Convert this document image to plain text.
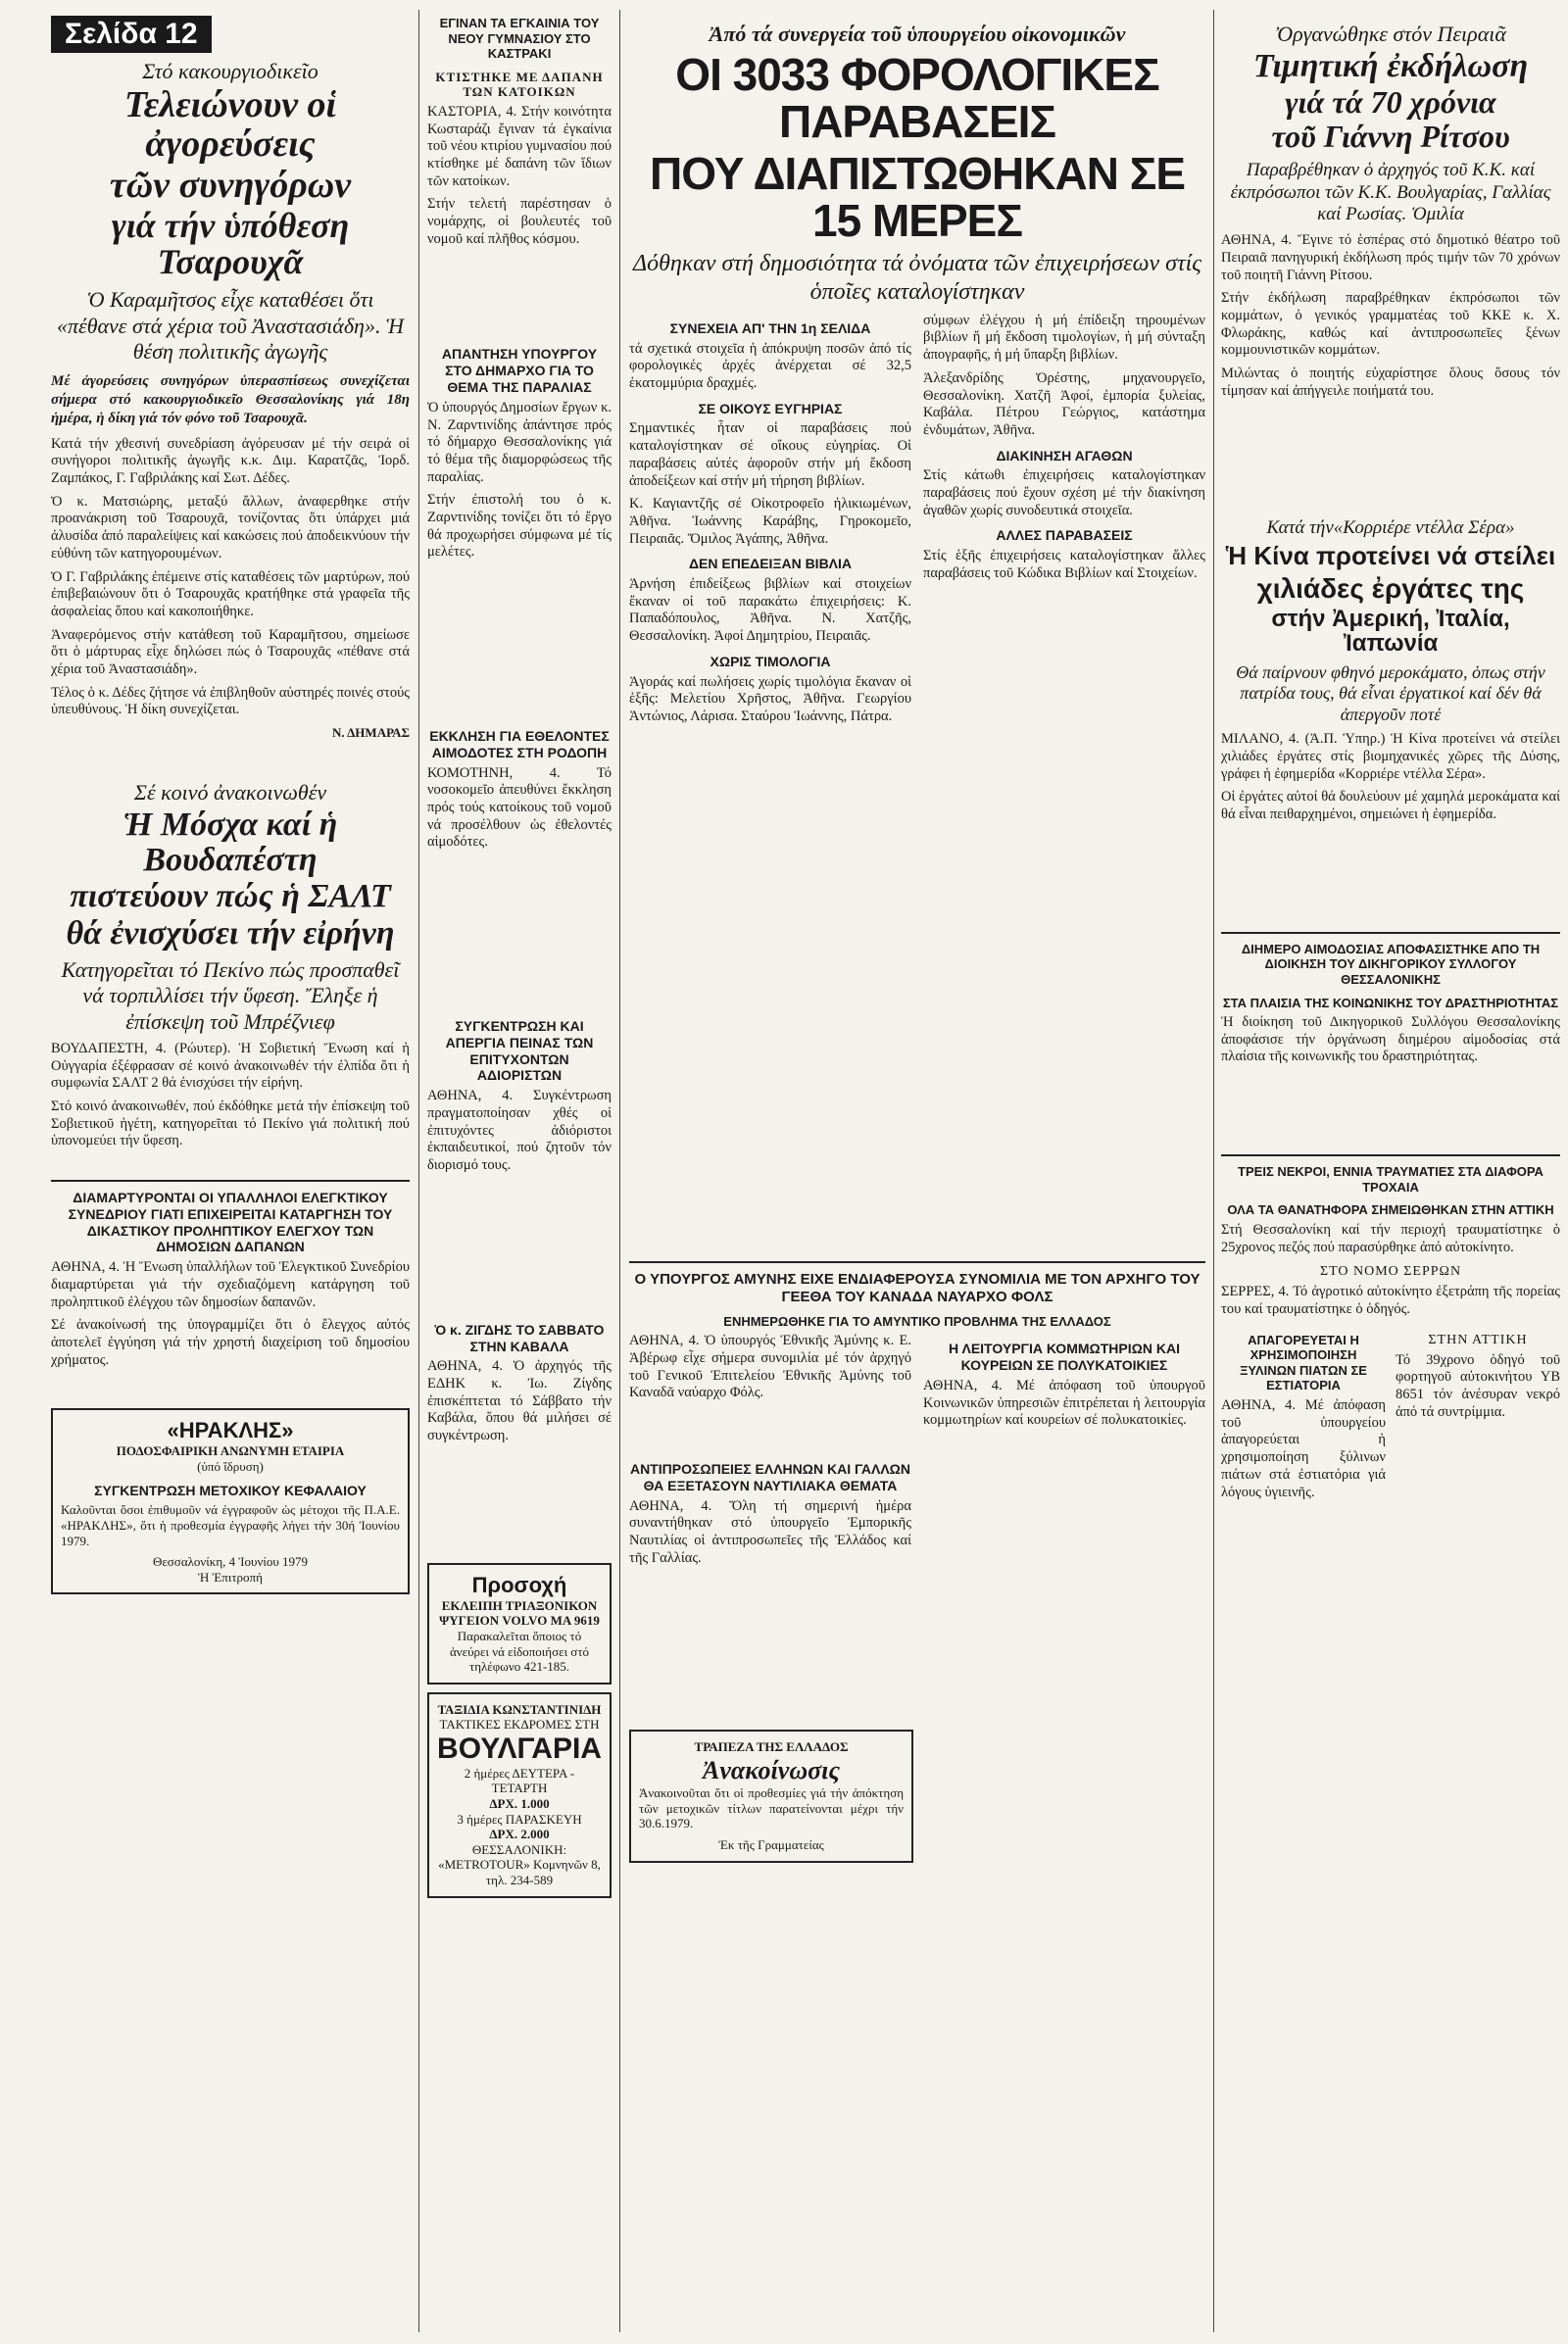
Σελίδα 12
Στό κακουργιοδικεῖο
Τελειώνουν οἱ ἀγορεύσεις
τῶν συνηγόρων
γιά τήν ὑπόθεση Τσαρουχᾶ
Ὁ Καραμῆτσος εἶχε καταθέσει ὅτι «πέθανε στά χέρια τοῦ Ἀναστασιάδη». Ἡ θέση πολιτικῆς ἀγωγῆς
Μέ ἀγορεύσεις συνηγόρων ὑπερασπίσεως συνεχίζεται σήμερα στό κακουργιοδικεῖο Θεσσαλονίκης γιά 18η ἡμέρα, ἡ δίκη γιά τόν φόνο τοῦ Τσαρουχᾶ.

Κατά τήν χθεσινή συνεδρίαση ἀγόρευσαν μέ τήν σειρά οἱ συνήγοροι πολιτικῆς ἀγωγῆς κ.κ. Διμ. Καρατζᾶς, Ἰορδ. Ζαμπάκος, Γ. Γαβριλάκης καί Σωτ. Δέδες.

Ὁ κ. Ματσιώρης, μεταξύ ἄλλων, ἀναφερθηκε στήν προανάκριση τοῦ Τσαρουχᾶ, τονίζοντας ὅτι ὑπάρχει μιά ἀλυσίδα ἀπό παραλείψεις καί κακώσεις πού ἀποδεικνύουν τήν εὐθύνη τῶν κατηγορουμένων.

Ὁ Γ. Γαβριλάκης ἐπέμεινε στίς καταθέσεις τῶν μαρτύρων, πού ἐπιβεβαιώνουν ὅτι ὁ Τσαρουχᾶς κρατήθηκε στά γραφεῖα τῆς ἀσφαλείας ὅπου καί κακοποιήθηκε.

Ἀναφερόμενος στήν κατάθεση τοῦ Καραμῆτσου, σημείωσε ὅτι ὁ μάρτυρας εἶχε δηλώσει πώς ὁ Τσαρουχᾶς «πέθανε στά χέρια τοῦ Ἀναστασιάδη».

Τέλος ὁ κ. Δέδες ζήτησε νά ἐπιβληθοῦν αὐστηρές ποινές στούς ὑπευθύνους. Ἡ δίκη συνεχίζεται.

Ν. ΔΗΜΑΡΑΣ
Σέ κοινό ἀνακοινωθέν
Ἡ Μόσχα καί ἡ Βουδαπέστη
πιστεύουν πώς ἡ ΣΑΛΤ
θά ἐνισχύσει τήν εἰρήνη
Κατηγορεῖται τό Πεκίνο πώς προσπαθεῖ νά τορπιλλίσει τήν ὕφεση. Ἔληξε ἡ ἐπίσκεψη τοῦ Μπρέζνιεφ

ΒΟΥΔΑΠΕΣΤΗ, 4. (Ρώυτερ). Ἡ Σοβιετική Ἕνωση καί ἡ Οὐγγαρία ἐξέφρασαν σέ κοινό ἀνακοινωθέν τήν ἐλπίδα ὅτι ἡ συμφωνία ΣΑΛΤ 2 θά ἐνισχύσει τήν εἰρήνη.

Στό κοινό ἀνακοινωθέν, πού ἐκδόθηκε μετά τήν ἐπίσκεψη τοῦ Σοβιετικοῦ ἡγέτη, κατηγορεῖται τό Πεκίνο γιά πολιτική πού ὑπονομεύει τήν ὕφεση.

ΔΙΑΜΑΡΤΥΡΟΝΤΑΙ ΟΙ ΥΠΑΛΛΗΛΟΙ ΕΛΕΓΚΤΙΚΟΥ ΣΥΝΕΔΡΙΟΥ ΓΙΑΤΙ ΕΠΙΧΕΙΡΕΙΤΑΙ ΚΑΤΑΡΓΗΣΗ ΤΟΥ ΔΙΚΑΣΤΙΚΟΥ ΠΡΟΛΗΠΤΙΚΟΥ ΕΛΕΓΧΟΥ ΤΩΝ ΔΗΜΟΣΙΩΝ ΔΑΠΑΝΩΝ

ΑΘΗΝΑ, 4. Ἡ Ἕνωση ὑπαλλήλων τοῦ Ἐλεγκτικοῦ Συνεδρίου διαμαρτύρεται γιά τήν σχεδιαζόμενη κατάργηση τοῦ προληπτικοῦ ἐλέγχου τῶν δημοσίων δαπανῶν.

Σέ ἀνακοίνωσή της ὑπογραμμίζει ὅτι ὁ ἔλεγχος αὐτός ἀποτελεῖ ἐγγύηση γιά τήν χρηστή διαχείριση τοῦ δημοσίου χρήματος.

«ΗΡΑΚΛΗΣ»
ΠΟΔΟΣΦΑΙΡΙΚΗ ΑΝΩΝΥΜΗ ΕΤΑΙΡΙΑ
(ὑπό ἵδρυση)
ΣΥΓΚΕΝΤΡΩΣΗ ΜΕΤΟΧΙΚΟΥ ΚΕΦΑΛΑΙΟΥ

Καλοῦνται ὅσοι ἐπιθυμοῦν νά ἐγγραφοῦν ὡς μέτοχοι τῆς Π.Α.Ε. «ΗΡΑΚΛΗΣ», ὅτι ἡ προθεσμία ἐγγραφῆς λήγει τήν 30ή Ἰουνίου 1979.

Θεσσαλονίκη, 4 Ἰουνίου 1979
Ἡ Ἐπιτροπή
ΕΓΙΝΑΝ ΤΑ ΕΓΚΑΙΝΙΑ ΤΟΥ ΝΕΟΥ ΓΥΜΝΑΣΙΟΥ ΣΤΟ ΚΑΣΤΡΑΚΙ
ΚΤΙΣΤΗΚΕ ΜΕ ΔΑΠΑΝΗ ΤΩΝ ΚΑΤΟΙΚΩΝ

ΚΑΣΤΟΡΙΑ, 4. Στήν κοινότητα Κωσταράζι ἔγιναν τά ἐγκαίνια τοῦ νέου κτιρίου γυμνασίου πού κτίσθηκε μέ δαπάνη τῶν ἴδιων τῶν κατοίκων.

Στήν τελετή παρέστησαν ὁ νομάρχης, οἱ βουλευτές τοῦ νομοῦ καί πλῆθος κόσμου.

ΑΠΑΝΤΗΣΗ ΥΠΟΥΡΓΟΥ ΣΤΟ ΔΗΜΑΡΧΟ ΓΙΑ ΤΟ ΘΕΜΑ ΤΗΣ ΠΑΡΑΛΙΑΣ

Ὁ ὑπουργός Δημοσίων ἔργων κ. Ν. Ζαρντινίδης ἀπάντησε πρός τό δήμαρχο Θεσσαλονίκης γιά τό θέμα τῆς διαμορφώσεως τῆς παραλίας.

Στήν ἐπιστολή του ὁ κ. Ζαρντινίδης τονίζει ὅτι τό ἔργο θά προχωρήσει σύμφωνα μέ τίς μελέτες.

ΕΚΚΛΗΣΗ ΓΙΑ ΕΘΕΛΟΝΤΕΣ ΑΙΜΟΔΟΤΕΣ ΣΤΗ ΡΟΔΟΠΗ

ΚΟΜΟΤΗΝΗ, 4. Τό νοσοκομεῖο ἀπευθύνει ἔκκληση πρός τούς κατοίκους τοῦ νομοῦ νά προσέλθουν ὡς ἐθελοντές αἱμοδότες.

ΣΥΓΚΕΝΤΡΩΣΗ ΚΑΙ ΑΠΕΡΓΙΑ ΠΕΙΝΑΣ ΤΩΝ ΕΠΙΤΥΧΟΝΤΩΝ ΑΔΙΟΡΙΣΤΩΝ

ΑΘΗΝΑ, 4. Συγκέντρωση πραγματοποίησαν χθές οἱ ἐπιτυχόντες ἀδιόριστοι ἐκπαιδευτικοί, πού ζητοῦν τόν διορισμό τους.

Ὁ κ. ΖΙΓΔΗΣ ΤΟ ΣΑΒΒΑΤΟ ΣΤΗΝ ΚΑΒΑΛΑ

ΑΘΗΝΑ, 4. Ὁ ἀρχηγός τῆς ΕΔΗΚ κ. Ἰω. Ζίγδης ἐπισκέπτεται τό Σάββατο τήν Καβάλα, ὅπου θά μιλήσει σέ συγκέντρωση.

Προσοχή
ΕΚΛΕΙΠΗ ΤΡΙΑΞΟΝΙΚΟΝ ΨΥΓΕΙΟΝ VOLVO ΜΑ 9619
Παρακαλεῖται ὅποιος τό ἀνεύρει νά εἰδοποιήσει στό τηλέφωνο 421-185.
ΤΑΞΙΔΙΑ ΚΩΝΣΤΑΝΤΙΝΙΔΗ
ΤΑΚΤΙΚΕΣ ΕΚΔΡΟΜΕΣ ΣΤΗ
ΒΟΥΛΓΑΡΙΑ
2 ἡμέρες ΔΕΥΤΕΡΑ - ΤΕΤΑΡΤΗ
ΔΡΧ. 1.000
3 ἡμέρες ΠΑΡΑΣΚΕΥΗ
ΔΡΧ. 2.000
ΘΕΣΣΑΛΟΝΙΚΗ: «METROTOUR» Κομνηνῶν 8, τηλ. 234-589
Ἀπό τά συνεργεία τοῦ ὑπουργείου οἰκονομικῶν
ΟΙ 3033 ΦΟΡΟΛΟΓΙΚΕΣ ΠΑΡΑΒΑΣΕΙΣ
ΠΟΥ ΔΙΑΠΙΣΤΩΘΗΚΑΝ ΣΕ 15 ΜΕΡΕΣ
Δόθηκαν στή δημοσιότητα τά ὀνόματα τῶν ἐπιχειρήσεων στίς ὁποῖες καταλογίστηκαν
ΣΥΝΕΧΕΙΑ ΑΠ' ΤΗΝ 1η ΣΕΛΙΔΑ

τά σχετικά στοιχεῖα ἡ ἀπόκρυψη ποσῶν ἀπό τίς φορολογικές ἀρχές ἀνέρχεται σέ 32,5 ἑκατομμύρια δραχμές.

ΣΕ ΟΙΚΟΥΣ ΕΥΓΗΡΙΑΣ

Σημαντικές ἦταν οἱ παραβάσεις πού καταλογίστηκαν σέ οἴκους εὐγηρίας. Οἱ παραβάσεις αὐτές ἀφοροῦν στήν μή ἔκδοση ἀποδείξεων καί στήν μή τήρηση βιβλίων.

Κ. Καγιαντζῆς σέ Οἰκοτροφεῖο ἡλικιωμένων, Ἀθῆνα. Ἰωάννης Καράβης, Γηροκομεῖο, Πειραιᾶς. Ὅμιλος Ἀγάπης, Ἀθῆνα.

ΔΕΝ ΕΠΕΔΕΙΞΑΝ ΒΙΒΛΙΑ

Ἀρνήση ἐπιδείξεως βιβλίων καί στοιχείων ἔκαναν οἱ τοῦ παρακάτω ἐπιχειρήσεις: Κ. Παπαδόπουλος, Ἀθῆνα. Ν. Χατζῆς, Θεσσαλονίκη. Ἀφοί Δημητρίου, Πειραιᾶς.

ΧΩΡΙΣ ΤΙΜΟΛΟΓΙΑ

Ἀγοράς καί πωλήσεις χωρίς τιμολόγια ἔκαναν οἱ ἑξῆς: Μελετίου Χρῆστος, Ἀθῆνα. Γεωργίου Ἀντώνιος, Λάρισα. Σταύρου Ἰωάννης, Πάτρα.

σύμφων ἐλέγχου ἡ μή ἐπίδειξη τηρουμένων βιβλίων ἤ μή ἔκδοση τιμολογίων, ἡ μή σύνταξη ἀπογραφῆς, ἡ μή ὕπαρξη βιβλίων.

Ἀλεξανδρίδης Ὀρέστης, μηχανουργεῖο, Θεσσαλονίκη. Χατζῆ Ἀφοί, ἐμπορία ξυλείας, Καβάλα. Πέτρου Γεώργιος, κατάστημα ἐνδυμάτων, Ἀθῆνα.

ΔΙΑΚΙΝΗΣΗ ΑΓΑΘΩΝ

Στίς κάτωθι ἐπιχειρήσεις καταλογίστηκαν παραβάσεις πού ἔχουν σχέση μέ τήν διακίνηση ἀγαθῶν χωρίς συνοδευτικά στοιχεῖα.

ΑΛΛΕΣ ΠΑΡΑΒΑΣΕΙΣ

Στίς ἑξῆς ἐπιχειρήσεις καταλογίστηκαν ἄλλες παραβάσεις τοῦ Κώδικα Βιβλίων καί Στοιχείων.

Ο ΥΠΟΥΡΓΟΣ ΑΜΥΝΗΣ ΕΙΧΕ ΕΝΔΙΑΦΕΡΟΥΣΑ ΣΥΝΟΜΙΛΙΑ ΜΕ ΤΟΝ ΑΡΧΗΓΟ ΤΟΥ ΓΕΕΘΑ ΤΟΥ ΚΑΝΑΔΑ ΝΑΥΑΡΧΟ ΦΟΛΣ
ΕΝΗΜΕΡΩΘΗΚΕ ΓΙΑ ΤΟ ΑΜΥΝΤΙΚΟ ΠΡΟΒΛΗΜΑ ΤΗΣ ΕΛΛΑΔΟΣ

ΑΘΗΝΑ, 4. Ὁ ὑπουργός Ἐθνικῆς Ἀμύνης κ. Ε. Ἀβέρωφ εἶχε σήμερα συνομιλία μέ τόν ἀρχηγό τοῦ Γενικοῦ Ἐπιτελείου Ἐθνικῆς Ἀμύνης τοῦ Καναδᾶ ναύαρχο Φόλς.

ΑΝΤΙΠΡΟΣΩΠΕΙΕΣ ΕΛΛΗΝΩΝ ΚΑΙ ΓΑΛΛΩΝ ΘΑ ΕΞΕΤΑΣΟΥΝ ΝΑΥΤΙΛΙΑΚΑ ΘΕΜΑΤΑ

ΑΘΗΝΑ, 4. Ὅλη τή σημερινή ἡμέρα συναντήθηκαν στό ὑπουργεῖο Ἐμπορικῆς Ναυτιλίας οἱ ἀντιπροσωπεῖες τῆς Ἑλλάδος καί τῆς Γαλλίας.

Η ΛΕΙΤΟΥΡΓΙΑ ΚΟΜΜΩΤΗΡΙΩΝ ΚΑΙ ΚΟΥΡΕΙΩΝ ΣΕ ΠΟΛΥΚΑΤΟΙΚΙΕΣ

ΑΘΗΝΑ, 4. Μέ ἀπόφαση τοῦ ὑπουργοῦ Κοινωνικῶν ὑπηρεσιῶν ἐπιτρέπεται ἡ λειτουργία κομμωτηρίων καί κουρείων σέ πολυκατοικίες.

ΤΡΑΠΕΖΑ ΤΗΣ ΕΛΛΑΔΟΣ
Ἀνακοίνωσις

Ἀνακοινοῦται ὅτι οἱ προθεσμίες γιά τήν ἀπόκτηση τῶν μετοχικῶν τίτλων παρατείνονται μέχρι τήν 30.6.1979.

Ἐκ τῆς Γραμματείας
Ὀργανώθηκε στόν Πειραιᾶ
Τιμητική ἐκδήλωση
γιά τά 70 χρόνια
τοῦ Γιάννη Ρίτσου
Παραβρέθηκαν ὁ ἀρχηγός τοῦ Κ.Κ. καί ἐκπρόσωποι τῶν Κ.Κ. Βουλγαρίας, Γαλλίας καί Ρωσίας. Ὁμιλία

ΑΘΗΝΑ, 4. Ἔγινε τό ἑσπέρας στό δημοτικό θέατρο τοῦ Πειραιᾶ πανηγυρική ἐκδήλωση πρός τιμήν τῶν 70 χρόνων τοῦ ποιητῆ Γιάννη Ρίτσου.

Στήν ἐκδήλωση παραβρέθηκαν ἐκπρόσωποι τῶν κομμάτων, ὁ γενικός γραμματέας τοῦ ΚΚΕ κ. Χ. Φλωράκης, καθώς καί ἀντιπροσωπεῖες ξένων κομμουνιστικῶν κομμάτων.

Μιλώντας ὁ ποιητής εὐχαρίστησε ὅλους ὅσους τόν τίμησαν καί ἀπήγγειλε ποιήματά του.

Κατά τήν«Κορριέρε ντέλλα Σέρα»
Ἡ Κίνα προτείνει νά στείλει
χιλιάδες ἐργάτες της
στήν Ἀμερική, Ἰταλία, Ἰαπωνία
Θά παίρνουν φθηνό μεροκάματο, ὁπως στήν πατρίδα τους, θά εἶναι ἐργατικοί καί δέν θά ἀπεργοῦν ποτέ

ΜΙΛΑΝΟ, 4. (Ἀ.Π. Ὑπηρ.) Ἡ Κίνα προτείνει νά στείλει χιλιάδες ἐργάτες στίς βιομηχανικές χῶρες τῆς Δύσης, γράφει ἡ ἐφημερίδα «Κορριέρε ντέλλα Σέρα».

Οἱ ἐργάτες αὐτοί θά δουλεύουν μέ χαμηλά μεροκάματα καί θά εἶναι πειθαρχημένοι, σημειώνει ἡ ἐφημερίδα.

ΔΙΗΜΕΡΟ ΑΙΜΟΔΟΣΙΑΣ ΑΠΟΦΑΣΙΣΤΗΚΕ ΑΠΟ ΤΗ ΔΙΟΙΚΗΣΗ ΤΟΥ ΔΙΚΗΓΟΡΙΚΟΥ ΣΥΛΛΟΓΟΥ ΘΕΣΣΑΛΟΝΙΚΗΣ
ΣΤΑ ΠΛΑΙΣΙΑ ΤΗΣ ΚΟΙΝΩΝΙΚΗΣ ΤΟΥ ΔΡΑΣΤΗΡΙΟΤΗΤΑΣ

Ἡ διοίκηση τοῦ Δικηγορικοῦ Συλλόγου Θεσσαλονίκης ἀποφάσισε τήν ὀργάνωση διημέρου αἱμοδοσίας στά πλαίσια τῆς κοινωνικῆς του δραστηριότητας.

ΤΡΕΙΣ ΝΕΚΡΟΙ, ΕΝΝΙΑ ΤΡΑΥΜΑΤΙΕΣ ΣΤΑ ΔΙΑΦΟΡΑ ΤΡΟΧΑΙΑ
ΟΛΑ ΤΑ ΘΑΝΑΤΗΦΟΡΑ ΣΗΜΕΙΩΘΗΚΑΝ ΣΤΗΝ ΑΤΤΙΚΗ

Στή Θεσσαλονίκη καί τήν περιοχή τραυματίστηκε ὁ 25χρονος πεζός πού παρασύρθηκε ἀπό αὐτοκίνητο.

ΣΤΟ ΝΟΜΟ ΣΕΡΡΩΝ

ΣΕΡΡΕΣ, 4. Τό ἀγροτικό αὐτοκίνητο ἐξετράπη τῆς πορείας του καί τραυματίστηκε ὁ ὁδηγός.

ΑΠΑΓΟΡΕΥΕΤΑΙ Η ΧΡΗΣΙΜΟΠΟΙΗΣΗ ΞΥΛΙΝΩΝ ΠΙΑΤΩΝ ΣΕ ΕΣΤΙΑΤΟΡΙΑ

ΑΘΗΝΑ, 4. Μέ ἀπόφαση τοῦ ὑπουργείου ἀπαγορεύεται ἡ χρησιμοποίηση ξύλινων πιάτων στά ἐστιατόρια γιά λόγους ὑγιεινῆς.

ΣΤΗΝ ΑΤΤΙΚΗ

Τό 39χρονο ὁδηγό τοῦ φορτηγοῦ αὐτοκινήτου ΥΒ 8651 τόν ἀνέσυραν νεκρό ἀπό τά συντρίμμια.
